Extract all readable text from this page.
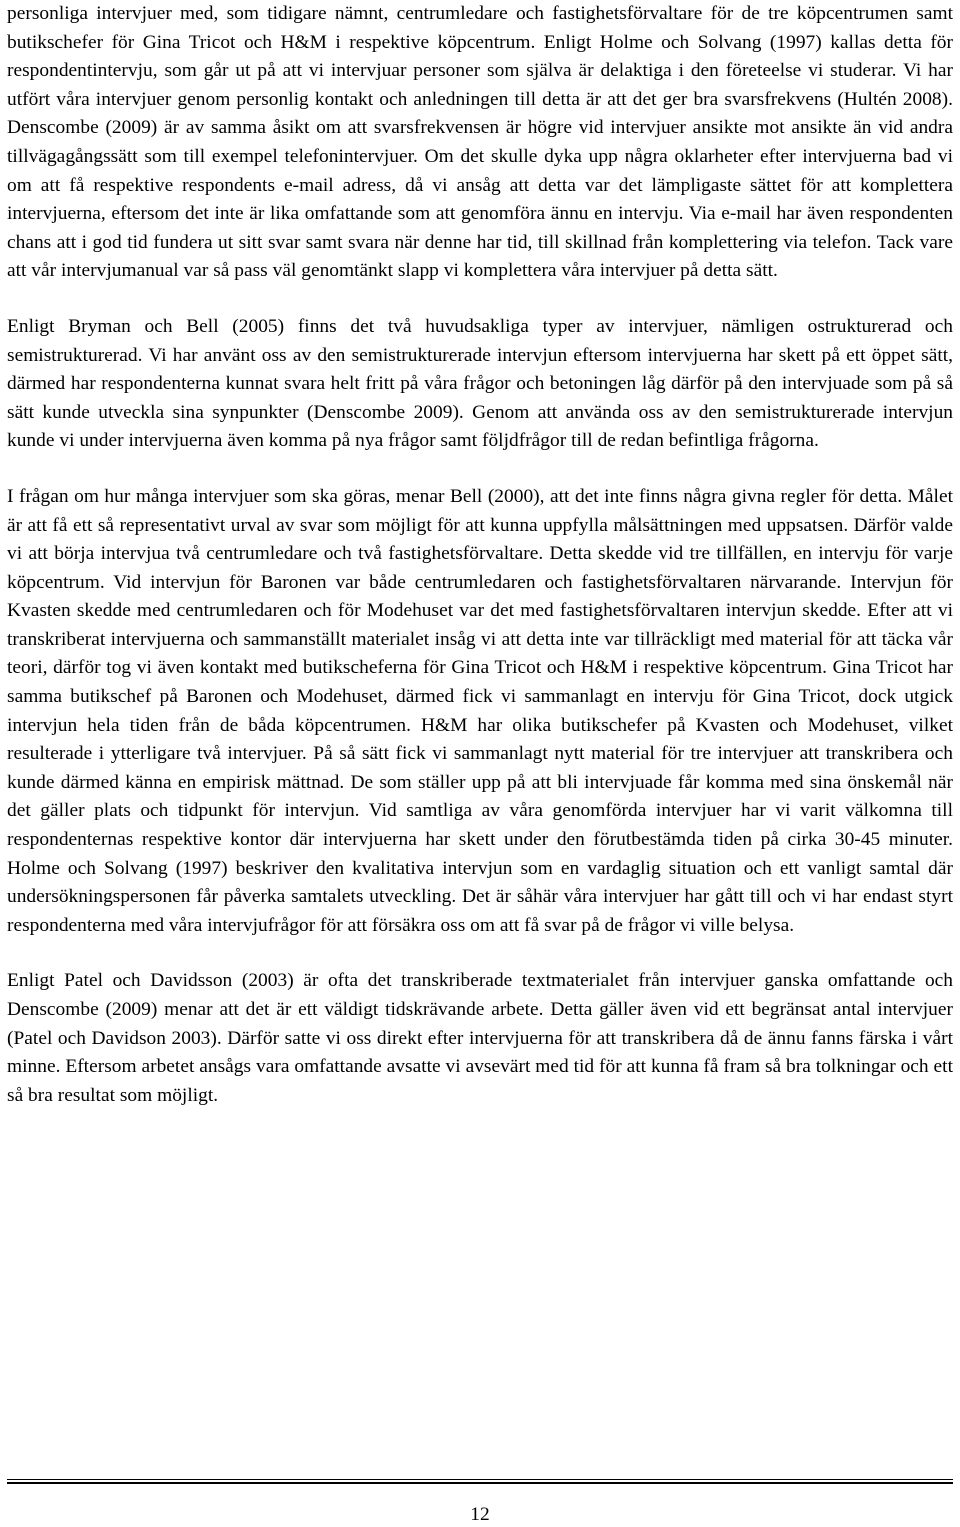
personliga intervjuer med, som tidigare nämnt, centrumledare och fastighetsförvaltare för de tre köpcentrumen samt butikschefer för Gina Tricot och H&M i respektive köpcentrum. Enligt Holme och Solvang (1997) kallas detta för respondentintervju, som går ut på att vi intervjuar personer som själva är delaktiga i den företeelse vi studerar. Vi har utfört våra intervjuer genom personlig kontakt och anledningen till detta är att det ger bra svarsfrekvens (Hultén 2008). Denscombe (2009) är av samma åsikt om att svarsfrekvensen är högre vid intervjuer ansikte mot ansikte än vid andra tillvägagångssätt som till exempel telefonintervjuer. Om det skulle dyka upp några oklarheter efter intervjuerna bad vi om att få respektive respondents e-mail adress, då vi ansåg att detta var det lämpligaste sättet för att komplettera intervjuerna, eftersom det inte är lika omfattande som att genomföra ännu en intervju. Via e-mail har även respondenten chans att i god tid fundera ut sitt svar samt svara när denne har tid, till skillnad från komplettering via telefon. Tack vare att vår intervjumanual var så pass väl genomtänkt slapp vi komplettera våra intervjuer på detta sätt.

Enligt Bryman och Bell (2005) finns det två huvudsakliga typer av intervjuer, nämligen ostrukturerad och semistrukturerad. Vi har använt oss av den semistrukturerade intervjun eftersom intervjuerna har skett på ett öppet sätt, därmed har respondenterna kunnat svara helt fritt på våra frågor och betoningen låg därför på den intervjuade som på så sätt kunde utveckla sina synpunkter (Denscombe 2009). Genom att använda oss av den semistrukturerade intervjun kunde vi under intervjuerna även komma på nya frågor samt följdfrågor till de redan befintliga frågorna.

I frågan om hur många intervjuer som ska göras, menar Bell (2000), att det inte finns några givna regler för detta. Målet är att få ett så representativt urval av svar som möjligt för att kunna uppfylla målsättningen med uppsatsen. Därför valde vi att börja intervjua två centrumledare och två fastighetsförvaltare. Detta skedde vid tre tillfällen, en intervju för varje köpcentrum. Vid intervjun för Baronen var både centrumledaren och fastighetsförvaltaren närvarande. Intervjun för Kvasten skedde med centrumledaren och för Modehuset var det med fastighetsförvaltaren intervjun skedde. Efter att vi transkriberat intervjuerna och sammanställt materialet insåg vi att detta inte var tillräckligt med material för att täcka vår teori, därför tog vi även kontakt med butikscheferna för Gina Tricot och H&M i respektive köpcentrum. Gina Tricot har samma butikschef på Baronen och Modehuset, därmed fick vi sammanlagt en intervju för Gina Tricot, dock utgick intervjun hela tiden från de båda köpcentrumen. H&M har olika butikschefer på Kvasten och Modehuset, vilket resulterade i ytterligare två intervjuer. På så sätt fick vi sammanlagt nytt material för tre intervjuer att transkribera och kunde därmed känna en empirisk mättnad. De som ställer upp på att bli intervjuade får komma med sina önskemål när det gäller plats och tidpunkt för intervjun. Vid samtliga av våra genomförda intervjuer har vi varit välkomna till respondenternas respektive kontor där intervjuerna har skett under den förutbestämda tiden på cirka 30-45 minuter. Holme och Solvang (1997) beskriver den kvalitativa intervjun som en vardaglig situation och ett vanligt samtal där undersökningspersonen får påverka samtalets utveckling. Det är såhär våra intervjuer har gått till och vi har endast styrt respondenterna med våra intervjufrågor för att försäkra oss om att få svar på de frågor vi ville belysa.

Enligt Patel och Davidsson (2003) är ofta det transkriberade textmaterialet från intervjuer ganska omfattande och Denscombe (2009) menar att det är ett väldigt tidskrävande arbete. Detta gäller även vid ett begränsat antal intervjuer (Patel och Davidson 2003). Därför satte vi oss direkt efter intervjuerna för att transkribera då de ännu fanns färska i vårt minne. Eftersom arbetet ansågs vara omfattande avsatte vi avsevärt med tid för att kunna få fram så bra tolkningar och ett så bra resultat som möjligt.

12
